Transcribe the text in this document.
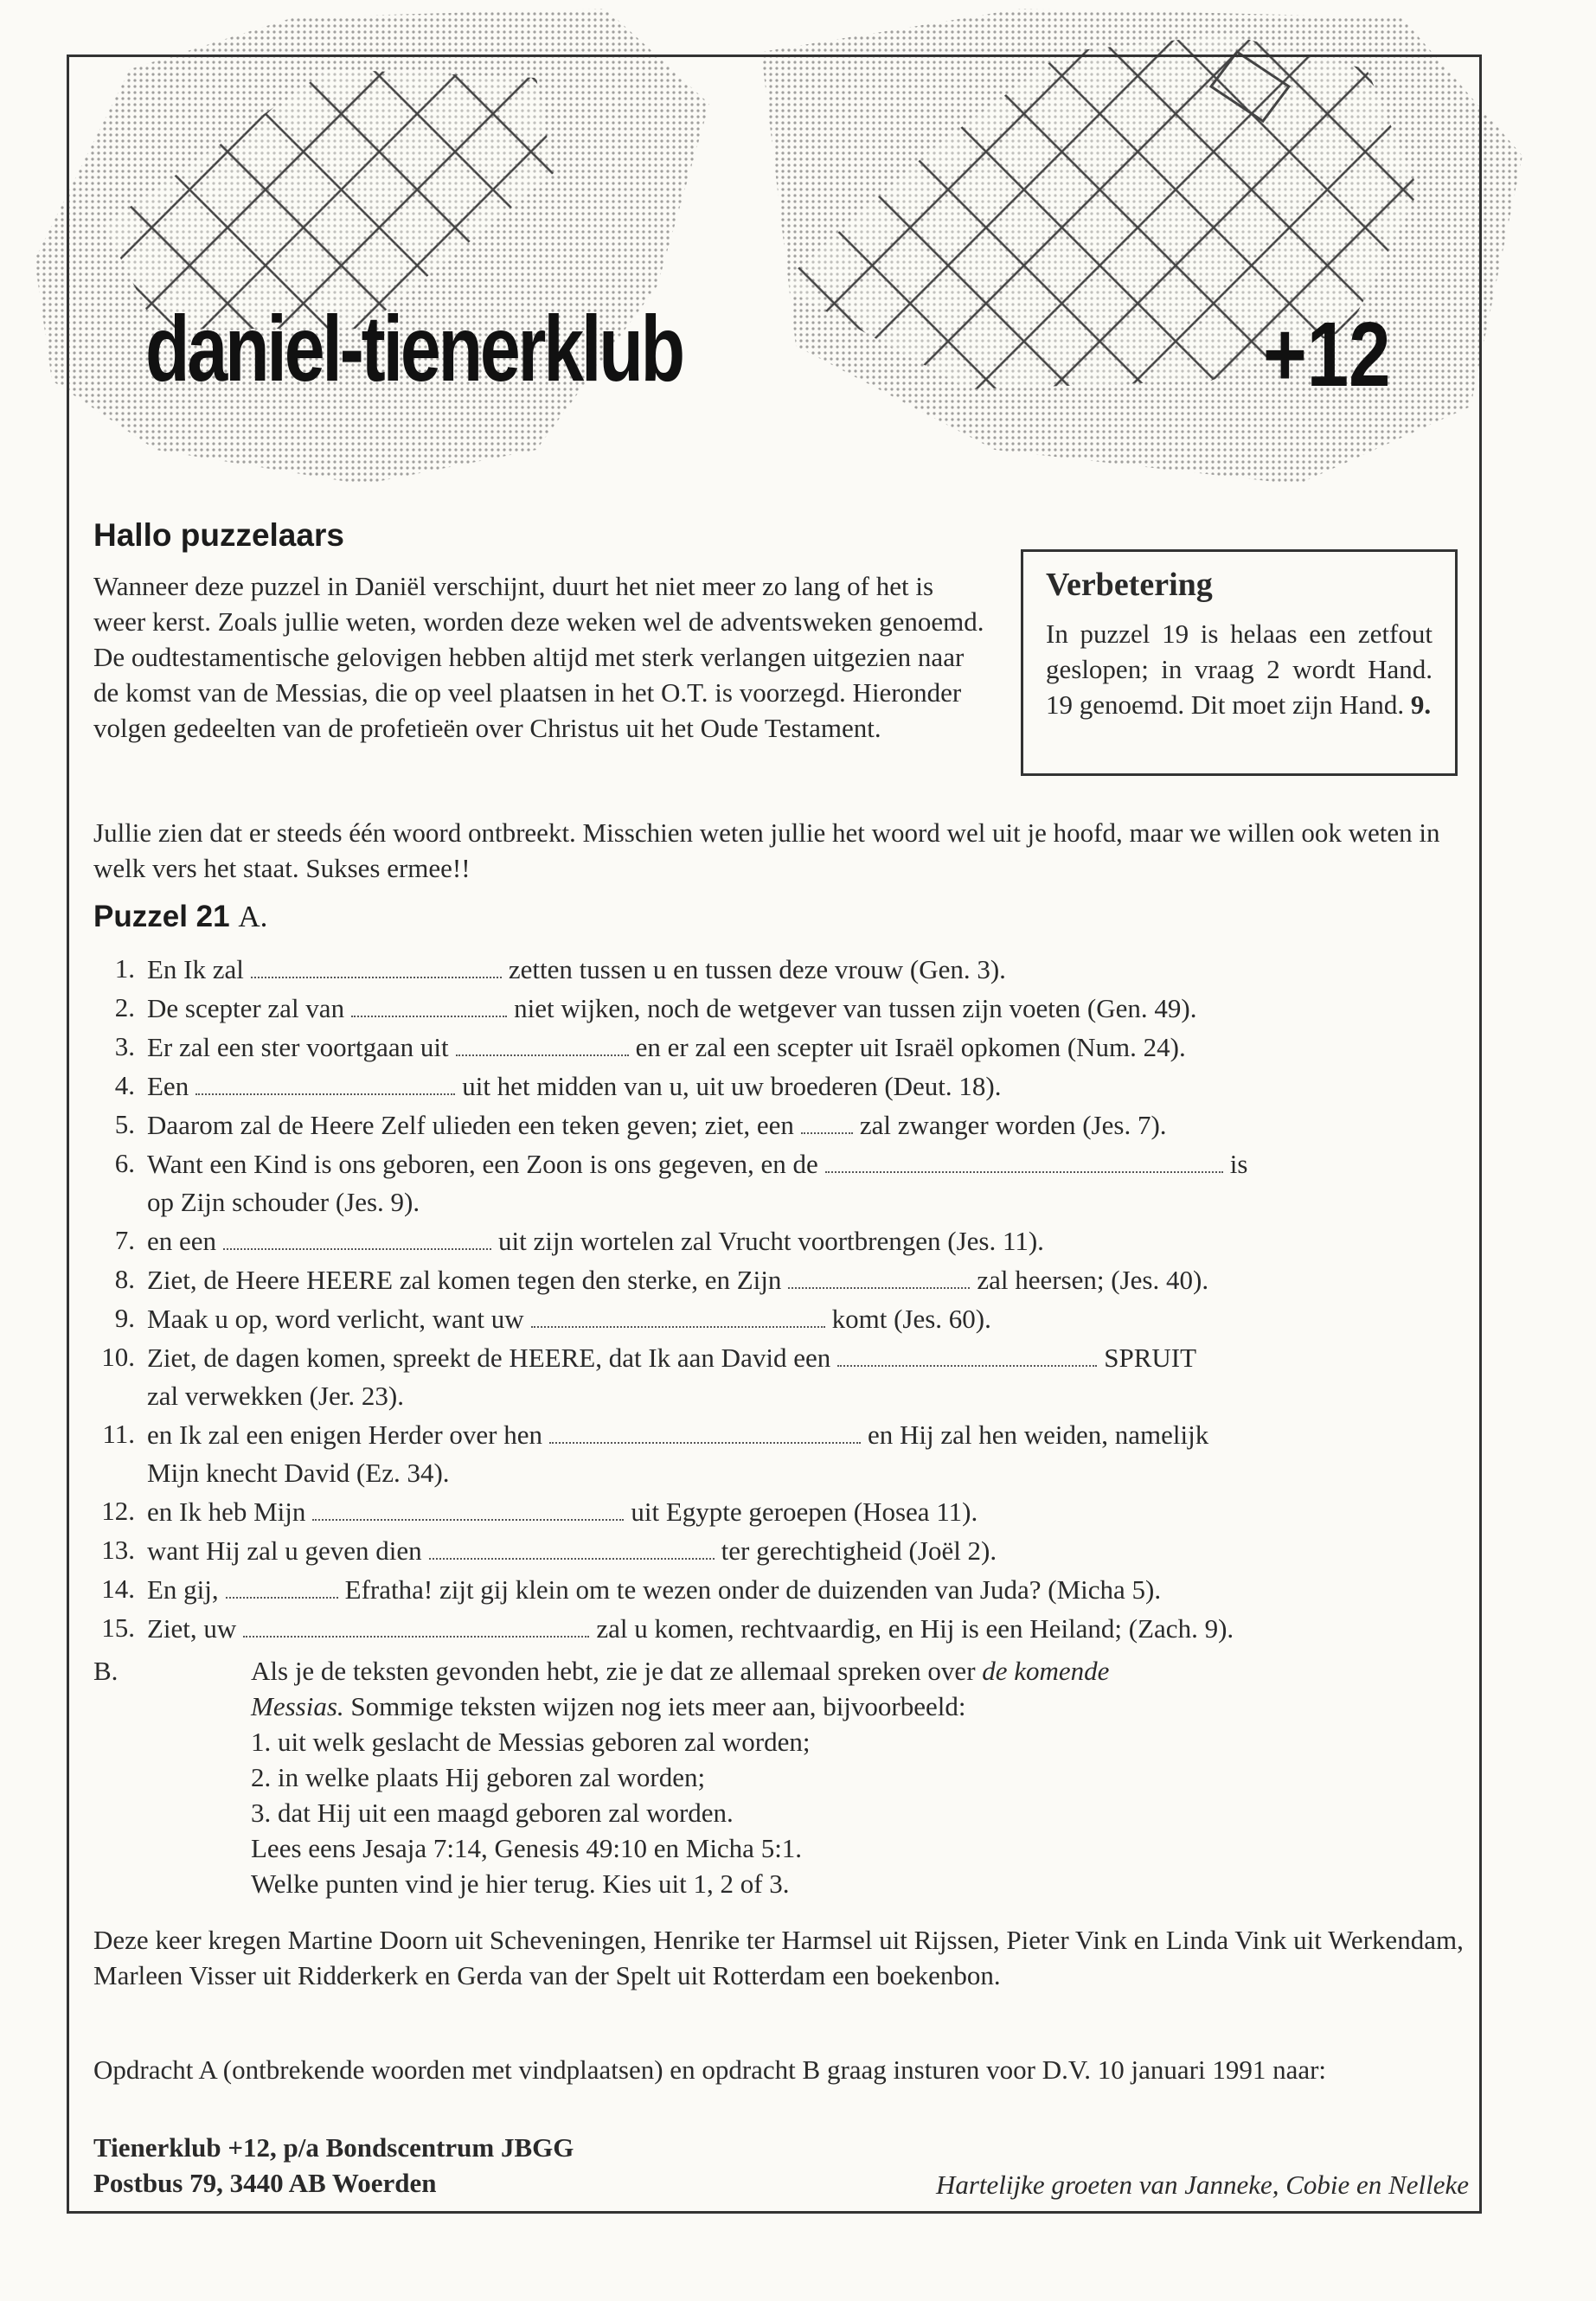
daniel-tienerklub	+12
Hallo puzzelaars

Wanneer deze puzzel in Daniël verschijnt, duurt het niet meer zo lang of het is weer kerst. Zoals jullie weten, worden deze weken wel de adventsweken genoemd. De oudtestamentische gelovigen hebben altijd met sterk verlangen uitgezien naar de komst van de Messias, die op veel plaatsen in het O.T. is voorzegd. Hieronder volgen gedeelten van de profetieën over Christus uit het Oude Testament.

Verbetering
In puzzel 19 is helaas een zetfout geslopen; in vraag 2 wordt Hand. 19 genoemd. Dit moet zijn Hand. 9.

Jullie zien dat er steeds één woord ontbreekt. Misschien weten jullie het woord wel uit je hoofd, maar we willen ook weten in welk vers het staat. Sukses ermee!!

Puzzel 21 A.
1. En Ik zal	zetten tussen u en tussen deze vrouw (Gen. 3).
2. De scepter zal van	niet wijken, noch de wetgever van tussen zijn voeten (Gen. 49).
3. Er zal een ster voortgaan uit	en er zal een scepter uit Israël opkomen (Num. 24).
4. Een	uit het midden van u, uit uw broederen (Deut. 18).
5. Daarom zal de Heere Zelf ulieden een teken geven; ziet, een zal zwanger worden (Jes. 7).
6. Want een Kind is ons geboren, een Zoon is ons gegeven, en de	is
op Zijn schouder (Jes. 9).
7. en een	uit zijn wortelen zal Vrucht voortbrengen (Jes. 11).
8. Ziet, de Heere HEERE zal komen tegen den sterke, en Zijn	zal heersen; (Jes. 40).
9. Maak u op, word verlicht, want uw	komt (Jes. 60).
10. Ziet, de dagen komen, spreekt de HEERE, dat Ik aan David een	SPRUIT
zal verwekken (Jer. 23).
11. en Ik zal een enigen Herder over hen	en Hij zal hen weiden, namelijk
Mijn knecht David (Ez. 34).
12. en Ik heb Mijn	uit Egypte geroepen (Hosea 11).
13. want Hij zal u geven dien	ter gerechtigheid (Joël 2).
14. En gij,	Efratha! zijt gij klein om te wezen onder de duizenden van Juda? (Micha 5).
15. Ziet, uw	zal u komen, rechtvaardig, en Hij is een Heiland; (Zach. 9).
B.	Als je de teksten gevonden hebt, zie je dat ze allemaal spreken over de komende
Messias. Sommige teksten wijzen nog iets meer aan, bijvoorbeeld:
1. uit welk geslacht de Messias geboren zal worden;
2. in welke plaats Hij geboren zal worden;
3. dat Hij uit een maagd geboren zal worden.
Lees eens Jesaja 7:14, Genesis 49:10 en Micha 5:1.
Welke punten vind je hier terug. Kies uit 1, 2 of 3.
Deze keer kregen Martine Doorn uit Scheveningen, Henrike ter Harmsel uit Rijssen, Pieter Vink en Linda Vink uit Werkendam, Marleen Visser uit Ridderkerk en Gerda van der Spelt uit Rotterdam een boekenbon.
Opdracht A (ontbrekende woorden met vindplaatsen) en opdracht B graag insturen voor D.V. 10 januari 1991 naar:
Tienerklub +12, p/a Bondscentrum JBGG
Postbus 79, 3440 AB Woerden	Hartelijke groeten van Janneke, Cobie en Nelleke
